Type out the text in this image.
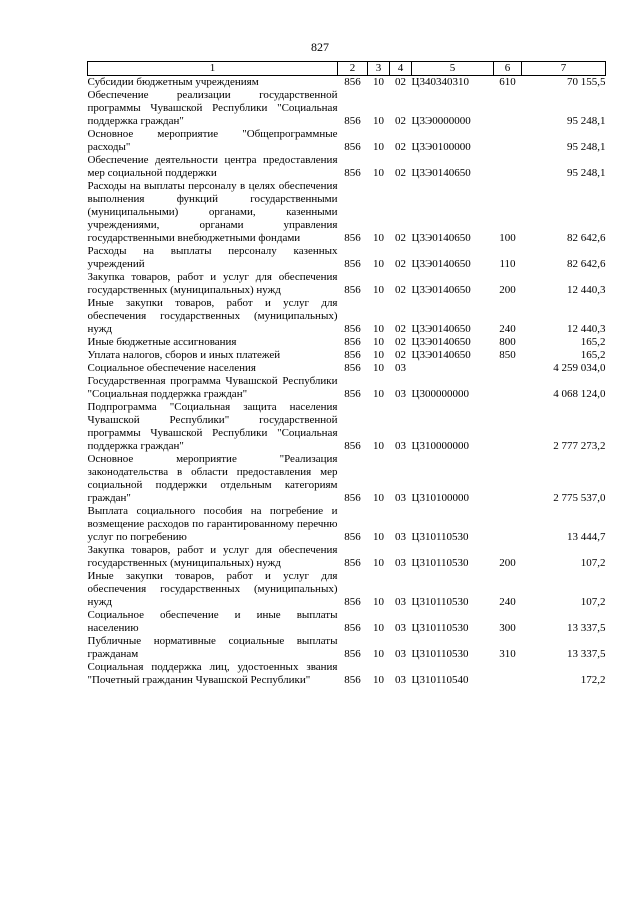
827
1	2	3	4	5	6	7
Субсидии бюджетным учреждениям	856	10	02	Ц340340310	610	70 155,5
Обеспечение реализации государственной программы Чувашской Республики "Социальная поддержка граждан"	856	10	02	Ц3Э0000000		95 248,1
Основное мероприятие "Общепрограммные расходы"	856	10	02	Ц3Э0100000		95 248,1
Обеспечение деятельности центра предоставления мер социальной поддержки	856	10	02	Ц3Э0140650		95 248,1
Расходы на выплаты персоналу в целях обеспечения выполнения функций государственными (муниципальными) органами, казенными учреждениями, органами управления государственными внебюджетными фондами	856	10	02	Ц3Э0140650	100	82 642,6
Расходы на выплаты персоналу казенных учреждений	856	10	02	Ц3Э0140650	110	82 642,6
Закупка товаров, работ и услуг для обеспечения государственных (муниципальных) нужд	856	10	02	Ц3Э0140650	200	12 440,3
Иные закупки товаров, работ и услуг для обеспечения государственных (муниципальных) нужд	856	10	02	Ц3Э0140650	240	12 440,3
Иные бюджетные ассигнования	856	10	02	Ц3Э0140650	800	165,2
Уплата налогов, сборов и иных платежей	856	10	02	Ц3Э0140650	850	165,2
Социальное обеспечение населения	856	10	03			4 259 034,0
Государственная программа Чувашской Республики "Социальная поддержка граждан"	856	10	03	Ц300000000		4 068 124,0
Подпрограмма "Социальная защита населения Чувашской Республики" государственной программы Чувашской Республики "Социальная поддержка граждан"	856	10	03	Ц310000000		2 777 273,2
Основное мероприятие "Реализация законодательства в области предоставления мер социальной поддержки отдельным категориям граждан"	856	10	03	Ц310100000		2 775 537,0
Выплата социального пособия на погребение и возмещение расходов по гарантированному перечню услуг по погребению	856	10	03	Ц310110530		13 444,7
Закупка товаров, работ и услуг для обеспечения государственных (муниципальных) нужд	856	10	03	Ц310110530	200	107,2
Иные закупки товаров, работ и услуг для обеспечения государственных (муниципальных) нужд	856	10	03	Ц310110530	240	107,2
Социальное обеспечение и иные выплаты населению	856	10	03	Ц310110530	300	13 337,5
Публичные нормативные социальные выплаты гражданам	856	10	03	Ц310110530	310	13 337,5
Социальная поддержка лиц, удостоенных звания "Почетный гражданин Чувашской Республики"	856	10	03	Ц310110540		172,2
